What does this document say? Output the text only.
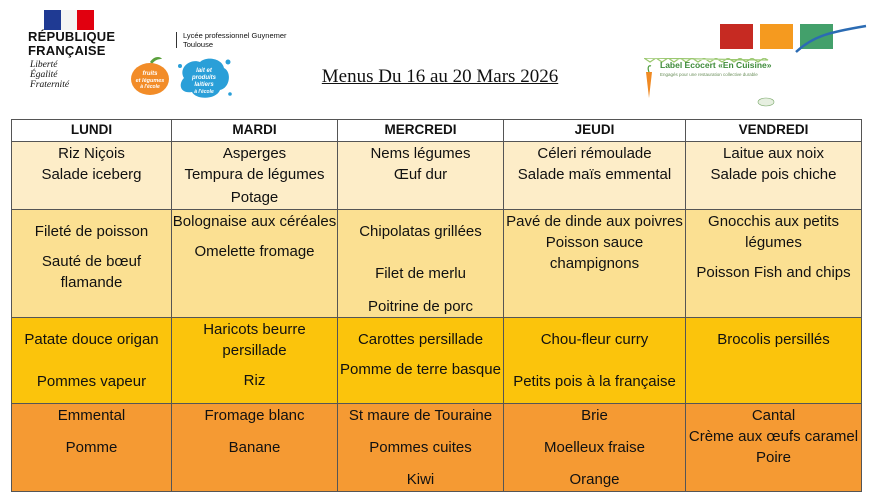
RÉPUBLIQUE
FRANÇAISE
Liberté
Égalité
Fraternité
Lycée professionnel Guynemer
Toulouse
fruits
et légumes
à l'école
lait et
produits
laitiers
à l'école
Menus Du 16 au 20 Mars 2026
Label Ecocert «En Cuisine»
Engagés pour une restauration collective durable
LUNDI	MARDI	MERCREDI	JEUDI	VENDREDI

Riz Niçois
Salade iceberg	Asperges
Tempura de légumes
Potage	Nems légumes
Œuf dur	Céleri rémoulade
Salade maïs emmental	Laitue aux noix
Salade pois chiche

Fileté de poisson
Sauté de bœuf flamande	Bolognaise aux céréales
Omelette fromage	Chipolatas grillées
Filet de merlu
Poitrine de porc	Pavé de dinde aux poivres
Poisson sauce champignons	Gnocchis aux petits légumes
Poisson Fish and chips

Patate douce origan
Pommes vapeur	Haricots beurre persillade
Riz	Carottes persillade
Pomme de terre basque	Chou-fleur curry
Petits pois à la française	Brocolis persillés

Emmental
Pomme	Fromage blanc
Banane	St maure de Touraine
Pommes cuites
Kiwi	Brie
Moelleux fraise
Orange	Cantal
Crème aux œufs caramel
Poire
